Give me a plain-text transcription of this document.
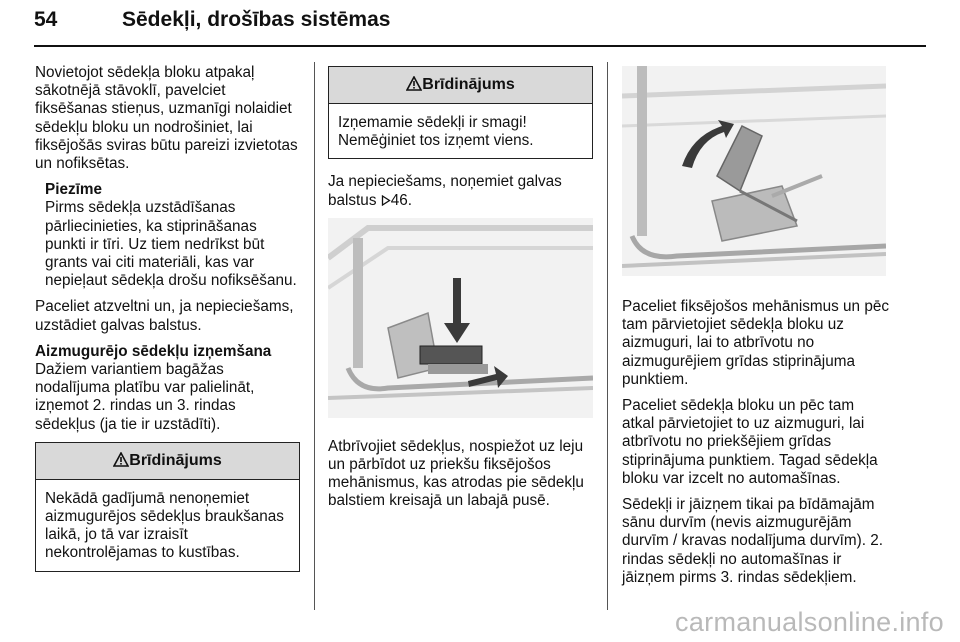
54	Sēdekļi, drošības sistēmas

Novietojot sēdekļa bloku atpakaļ sākotnējā stāvoklī, pavelciet fiksēšanas stieņus, uzmanīgi nolaidiet sēdekļu bloku un nodrošiniet, lai fiksējošās sviras būtu pareizi izvietotas un nofiksētas.

Piezīme
Pirms sēdekļa uzstādīšanas pārliecinieties, ka stiprināšanas punkti ir tīri. Uz tiem nedrīkst būt grants vai citi materiāli, kas var nepieļaut sēdekļa drošu nofiksēšanu.

Paceliet atzveltni un, ja nepieciešams, uzstādiet galvas balstus.

Aizmugurējo sēdekļu izņemšana

Dažiem variantiem bagāžas nodalījuma platību var palielināt, izņemot 2. rindas un 3. rindas sēdekļus (ja tie ir uzstādīti).

Brīdinājums
Nekādā gadījumā nenoņemiet aizmugurējos sēdekļus braukšanas laikā, jo tā var izraisīt nekontrolējamas to kustības.
Brīdinājums
Izņemamie sēdekļi ir smagi! Nemēģiniet tos izņemt viens.

Ja nepieciešams, noņemiet galvas balstus 46.

Atbrīvojiet sēdekļus, nospiežot uz leju un pārbīdot uz priekšu fiksējošos mehānismus, kas atrodas pie sēdekļu balstiem kreisajā un labajā pusē.

Paceliet fiksējošos mehānismus un pēc tam pārvietojiet sēdekļa bloku uz aizmuguri, lai to atbrīvotu no aizmugurējiem grīdas stiprinājuma punktiem.

Paceliet sēdekļa bloku un pēc tam atkal pārvietojiet to uz aizmuguri, lai atbrīvotu no priekšējiem grīdas stiprinājuma punktiem. Tagad sēdekļa bloku var izcelt no automašīnas.

Sēdekļi ir jāizņem tikai pa bīdāmajām sānu durvīm (nevis aizmugurējām durvīm / kravas nodalījuma durvīm). 2. rindas sēdekļi no automašīnas ir jāizņem pirms 3. rindas sēdekļiem.

carmanualsonline.info
